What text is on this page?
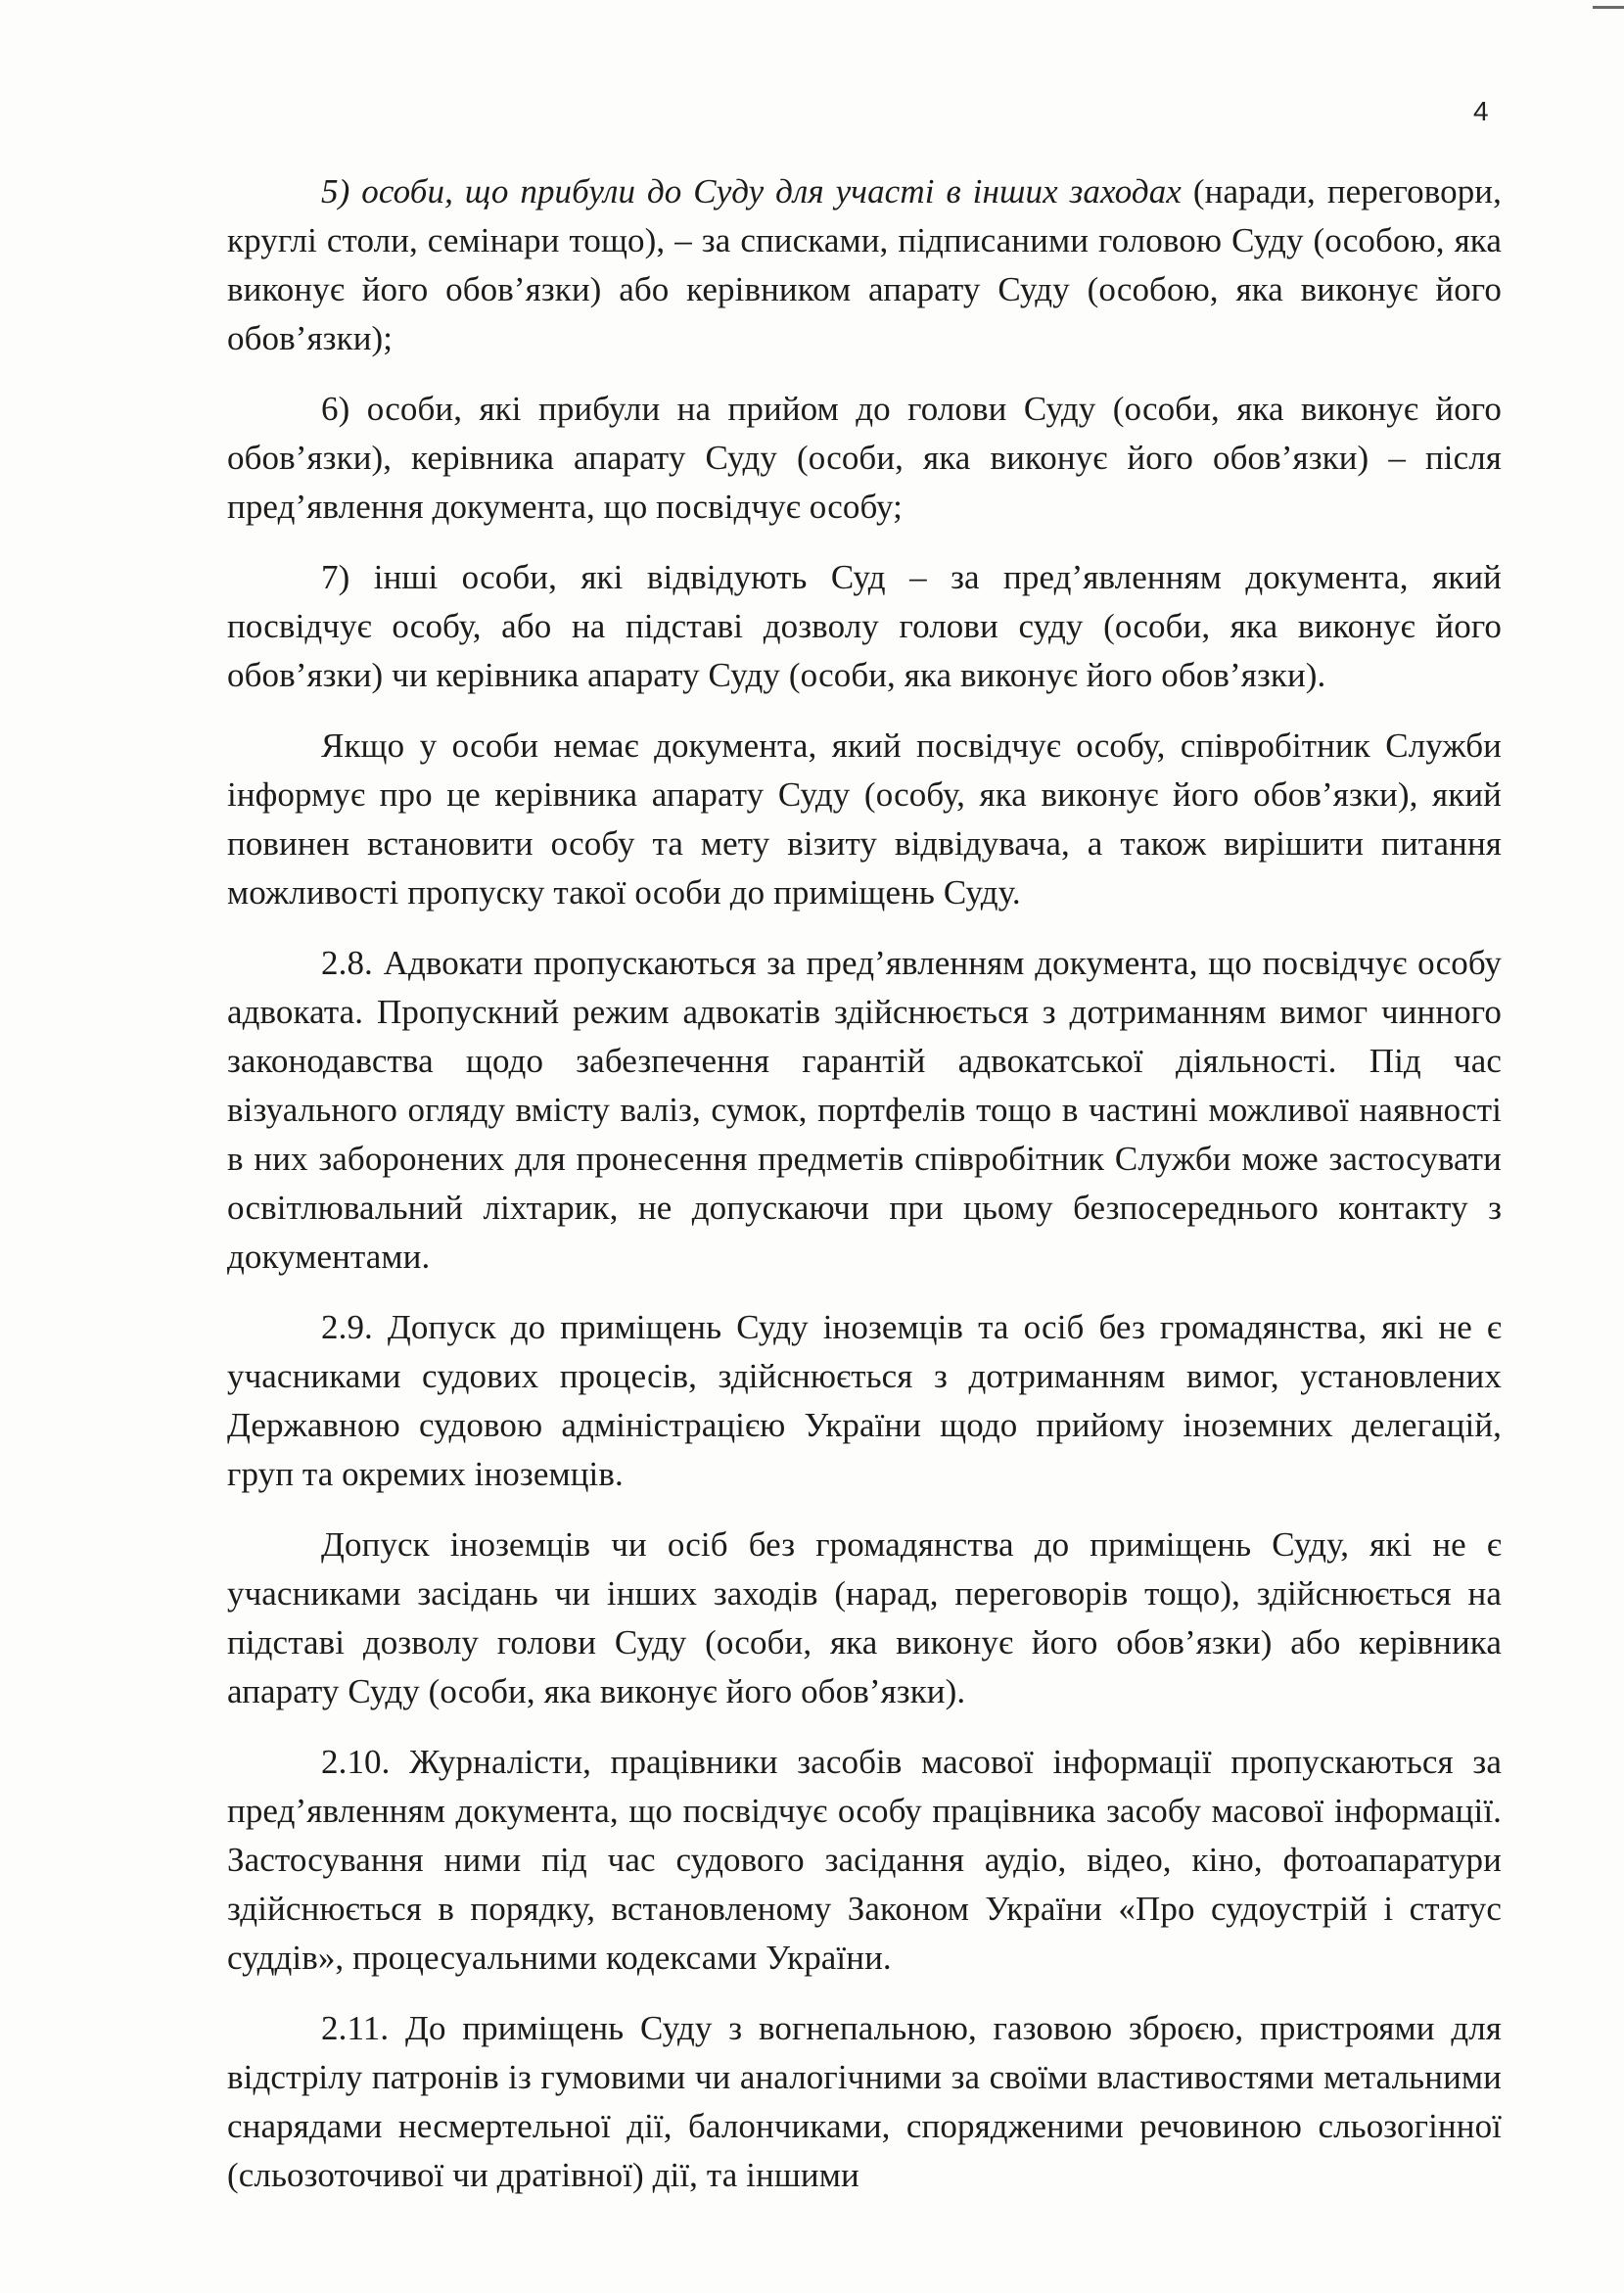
4

5) особи, що прибули до Суду для участі в інших заходах (наради, переговори, круглі столи, семінари тощо), – за списками, підписаними головою Суду (особою, яка виконує його обов’язки) або керівником апарату Суду (особою, яка виконує його обов’язки);

6) особи, які прибули на прийом до голови Суду (особи, яка виконує його обов’язки), керівника апарату Суду (особи, яка виконує його обов’язки) – після пред’явлення документа, що посвідчує особу;

7) інші особи, які відвідують Суд – за пред’явленням документа, який посвідчує особу, або на підставі дозволу голови суду (особи, яка виконує його обов’язки) чи керівника апарату Суду (особи, яка виконує його обов’язки).

Якщо у особи немає документа, який посвідчує особу, співробітник Служби інформує про це керівника апарату Суду (особу, яка виконує його обов’язки), який повинен встановити особу та мету візиту відвідувача, а також вирішити питання можливості пропуску такої особи до приміщень Суду.

2.8. Адвокати пропускаються за пред’явленням документа, що посвідчує особу адвоката. Пропускний режим адвокатів здійснюється з дотриманням вимог чинного законодавства щодо забезпечення гарантій адвокатської діяльності. Під час візуального огляду вмісту валіз, сумок, портфелів тощо в частині можливої наявності в них заборонених для пронесення предметів співробітник Служби може застосувати освітлювальний ліхтарик, не допускаючи при цьому безпосереднього контакту з документами.

2.9. Допуск до приміщень Суду іноземців та осіб без громадянства, які не є учасниками судових процесів, здійснюється з дотриманням вимог, установлених Державною судовою адміністрацією України щодо прийому іноземних делегацій, груп та окремих іноземців.

Допуск іноземців чи осіб без громадянства до приміщень Суду, які не є учасниками засідань чи інших заходів (нарад, переговорів тощо), здійснюється на підставі дозволу голови Суду (особи, яка виконує його обов’язки) або керівника апарату Суду (особи, яка виконує його обов’язки).

2.10. Журналісти, працівники засобів масової інформації пропускаються за пред’явленням документа, що посвідчує особу працівника засобу масової інформації. Застосування ними під час судового засідання аудіо, відео, кіно, фотоапаратури здійснюється в порядку, встановленому Законом України «Про судоустрій і статус суддів», процесуальними кодексами України.

2.11. До приміщень Суду з вогнепальною, газовою зброєю, пристроями для відстрілу патронів із гумовими чи аналогічними за своїми властивостями метальними снарядами несмертельної дії, балончиками, спорядженими речовиною сльозогінної (сльозоточивої чи дратівної) дії, та іншими
